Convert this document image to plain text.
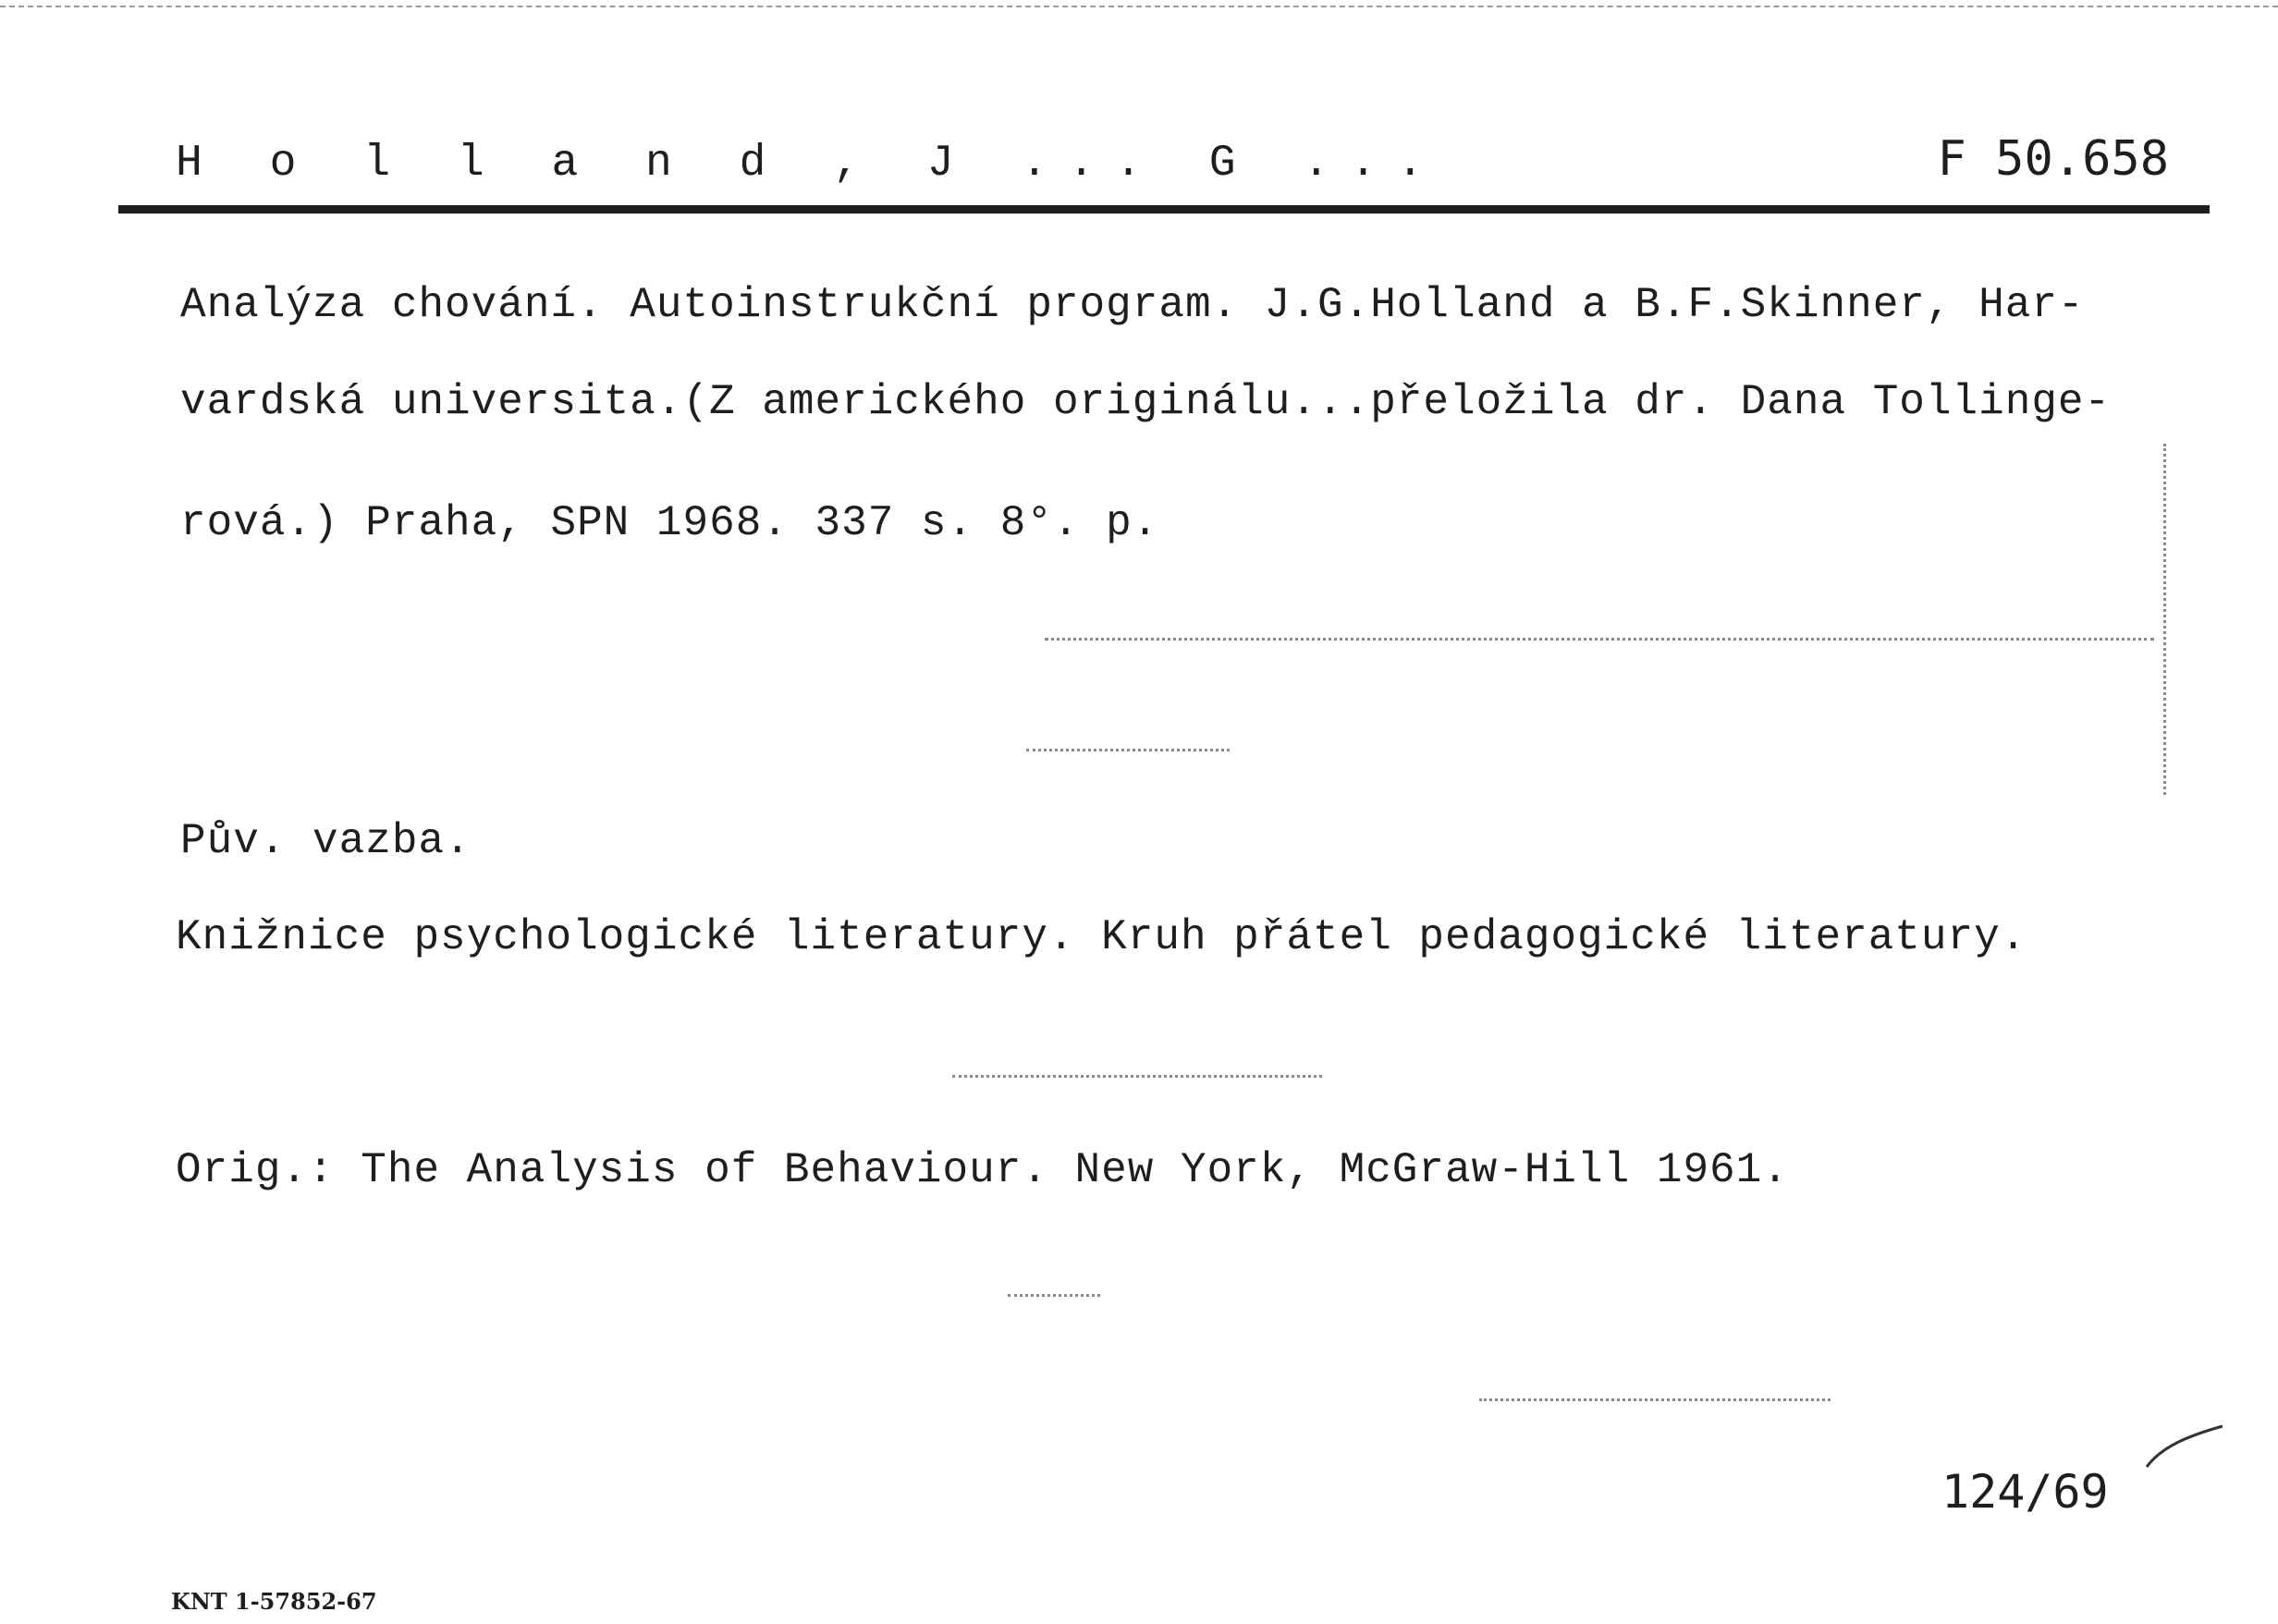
H o l l a n d , J ... G ...	F 50.658
Analýza chování. Autoinstrukční program. J.G.Holland a B.F.Skinner, Har-
vardská universita.(Z amerického originálu...přeložila dr. Dana Tollinge-
rová.) Praha, SPN 1968. 337 s. 8°. p.
Pův. vazba.
Knižnice psychologické literatury. Kruh přátel pedagogické literatury.
Orig.: The Analysis of Behaviour. New York, McGraw-Hill 1961.
124/69
KNT 1-57852-67
